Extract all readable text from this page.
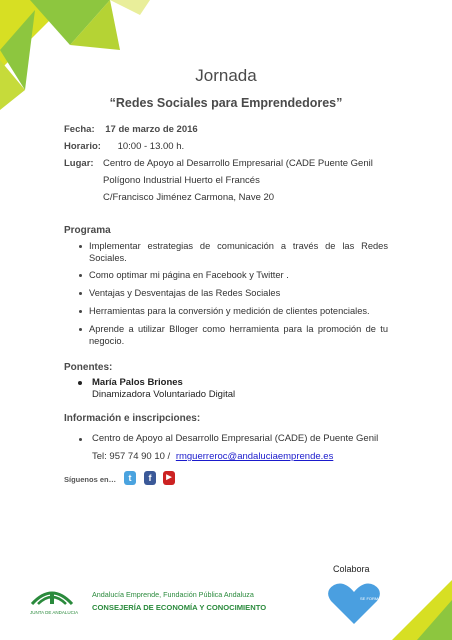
Jornada
“Redes Sociales para Emprendedores”
Fecha: 17 de marzo de 2016
Horario: 10:00 - 13.00 h.
Lugar: Centro de Apoyo al Desarrollo Empresarial (CADE Puente Genil
Polígono Industrial Huerto el Francés
C/Francisco Jiménez Carmona, Nave 20
Programa
Implementar estrategias de comunicación a través de las Redes Sociales.
Como optimar mi página en Facebook y Twitter .
Ventajas y Desventajas de las Redes Sociales
Herramientas para la conversión y medición de clientes potenciales.
Aprende a utilizar Blloger como herramienta para la promoción de tu negocio.
Ponentes:
María Palos Briones
Dinamizadora Voluntariado Digital
Información e inscripciones:
Centro de Apoyo al Desarrollo Empresarial (CADE) de Puente Genil
Tel: 957 74 90 10 / rmguerreroc@andaluciaemprende.es
Síguenos en…	t	f	▶
JUNTA DE ANDALUCIA
Andalucía Emprende, Fundación Pública Andaluza
CONSEJERÍA DE ECONOMÍA Y CONOCIMIENTO
Colabora
SE FORMA
